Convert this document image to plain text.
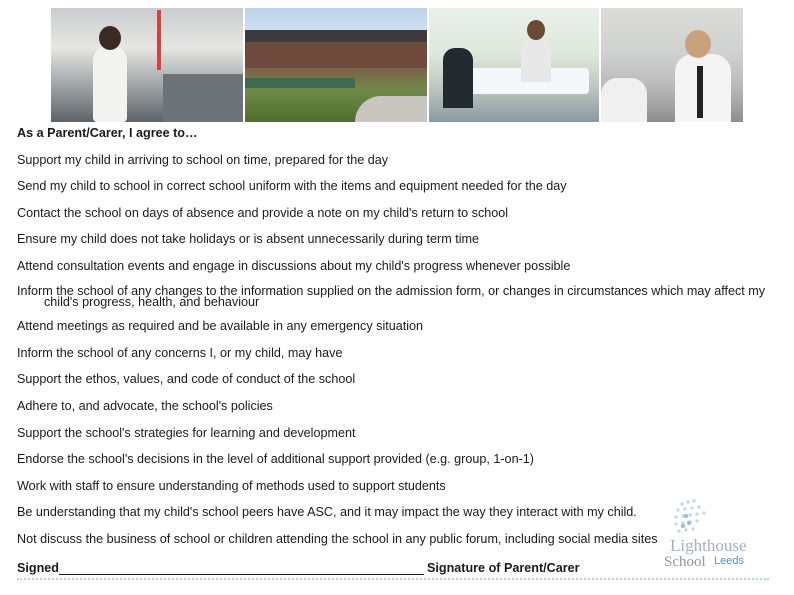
As a Parent/Carer, I agree to…
Support my child in arriving to school on time, prepared for the day
Send my child to school in correct school uniform with the items and equipment needed for the day
Contact the school on days of absence and provide a note on my child's return to school
Ensure my child does not take holidays or is absent unnecessarily during term time
Attend consultation events and engage in discussions about my child's progress whenever possible
Inform the school of any changes to the information supplied on the admission form, or changes in circumstances which may affect my child's progress, health, and behaviour
Attend meetings as required and be available in any emergency situation
Inform the school of any concerns I, or my child, may have
Support the ethos, values, and code of conduct of the school
Adhere to, and advocate, the school's policies
Support the school's strategies for learning and development
Endorse the school's decisions in the level of additional support provided (e.g. group, 1-on-1)
Work with staff to ensure understanding of methods used to support students
Be understanding that my child's school peers have ASC, and it may impact the way they interact with my child.
Not discuss the business of school or children attending the school in any public forum, including social media sites Lighthouse
School Leeds
Signed	Signature of Parent/Carer
